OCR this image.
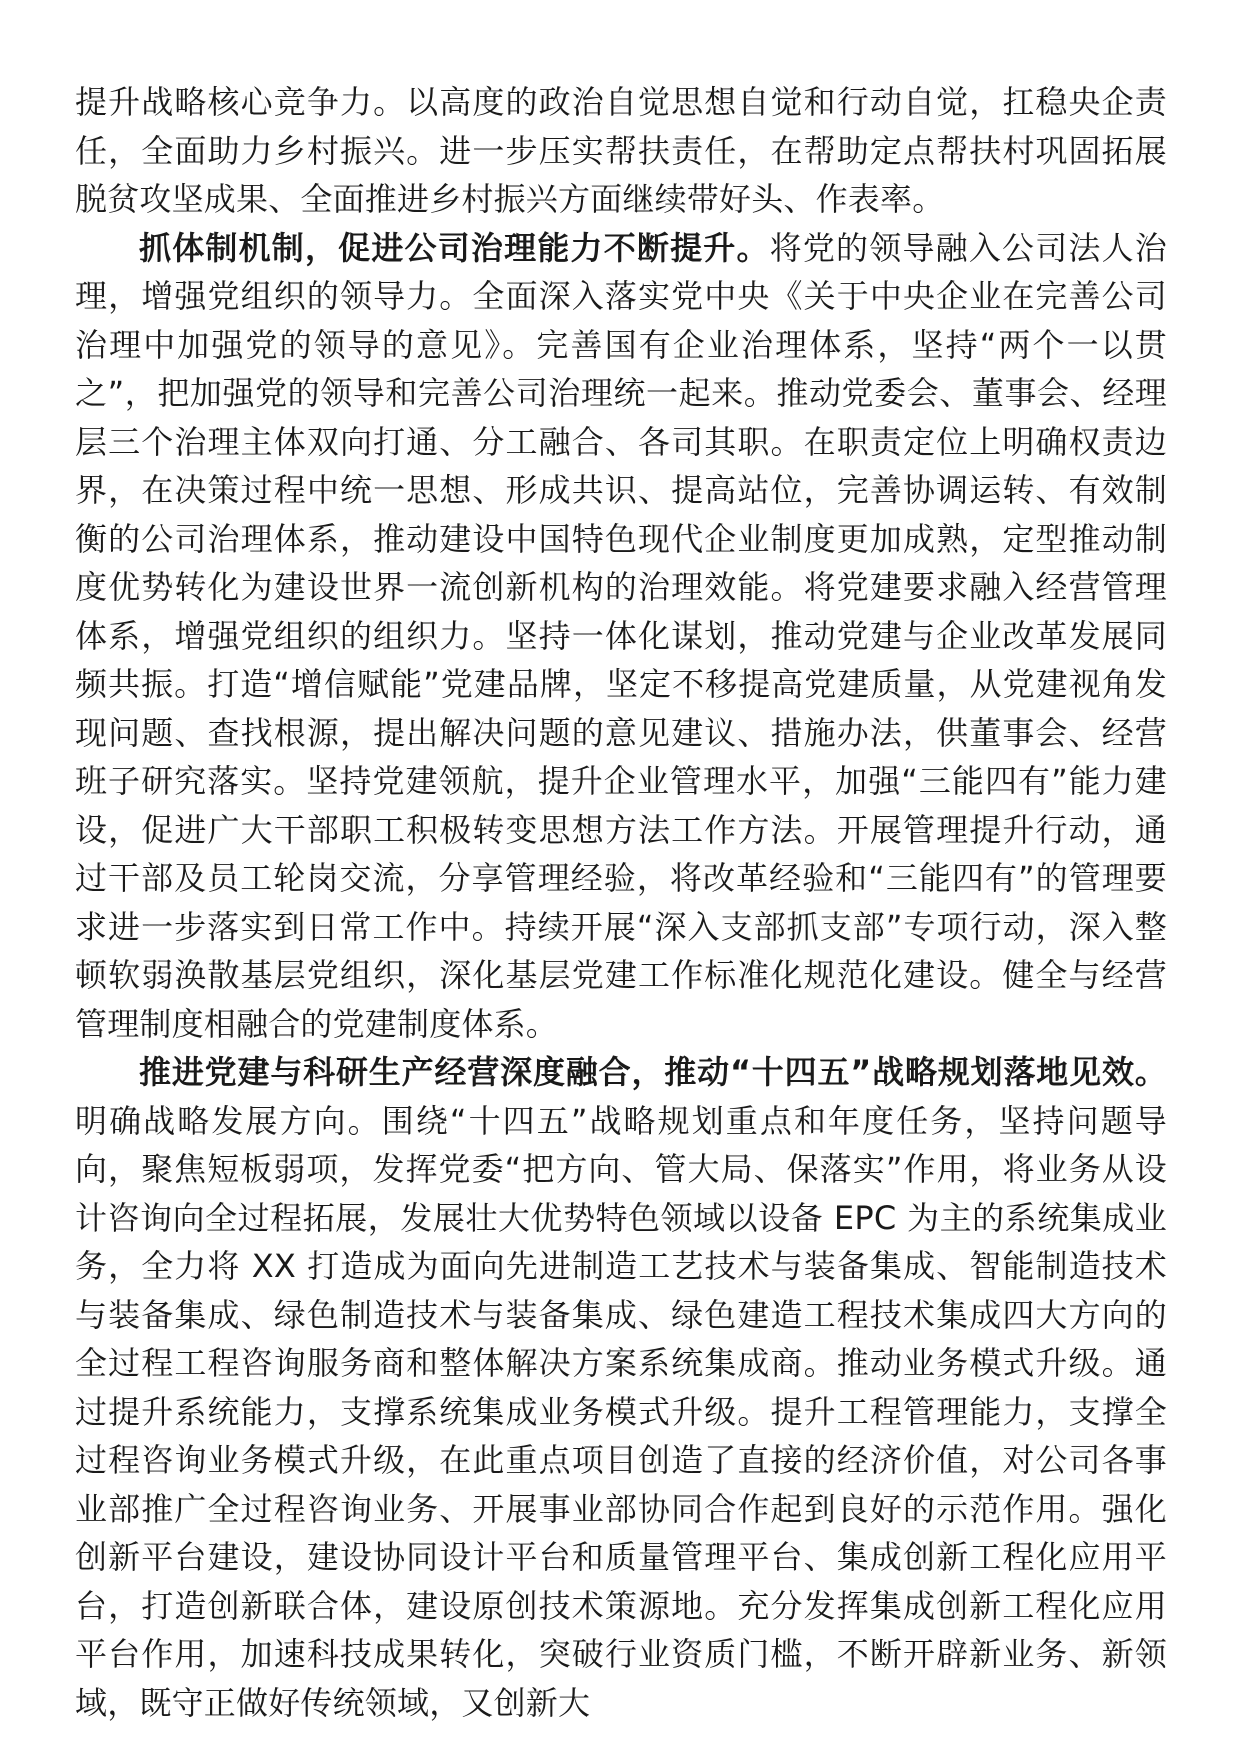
提升战略核心竞争力。以高度的政治自觉思想自觉和行动自觉，扛稳央企责任，全面助力乡村振兴。进一步压实帮扶责任，在帮助定点帮扶村巩固拓展脱贫攻坚成果、全面推进乡村振兴方面继续带好头、作表率。

抓体制机制，促进公司治理能力不断提升。将党的领导融入公司法人治理，增强党组织的领导力。全面深入落实党中央《关于中央企业在完善公司治理中加强党的领导的意见》。完善国有企业治理体系，坚持“两个一以贯之”，把加强党的领导和完善公司治理统一起来。推动党委会、董事会、经理层三个治理主体双向打通、分工融合、各司其职。在职责定位上明确权责边界，在决策过程中统一思想、形成共识、提高站位，完善协调运转、有效制衡的公司治理体系，推动建设中国特色现代企业制度更加成熟，定型推动制度优势转化为建设世界一流创新机构的治理效能。将党建要求融入经营管理体系，增强党组织的组织力。坚持一体化谋划，推动党建与企业改革发展同频共振。打造“增信赋能”党建品牌，坚定不移提高党建质量，从党建视角发现问题、查找根源，提出解决问题的意见建议、措施办法，供董事会、经营班子研究落实。坚持党建领航，提升企业管理水平，加强“三能四有”能力建设，促进广大干部职工积极转变思想方法工作方法。开展管理提升行动，通过干部及员工轮岗交流，分享管理经验，将改革经验和“三能四有”的管理要求进一步落实到日常工作中。持续开展“深入支部抓支部”专项行动，深入整顿软弱涣散基层党组织，深化基层党建工作标准化规范化建设。健全与经营管理制度相融合的党建制度体系。

推进党建与科研生产经营深度融合，推动“十四五”战略规划落地见效。明确战略发展方向。围绕“十四五”战略规划重点和年度任务，坚持问题导向，聚焦短板弱项，发挥党委“把方向、管大局、保落实”作用，将业务从设计咨询向全过程拓展，发展壮大优势特色领域以设备 EPC 为主的系统集成业务，全力将 XX 打造成为面向先进制造工艺技术与装备集成、智能制造技术与装备集成、绿色制造技术与装备集成、绿色建造工程技术集成四大方向的全过程工程咨询服务商和整体解决方案系统集成商。推动业务模式升级。通过提升系统能力，支撑系统集成业务模式升级。提升工程管理能力，支撑全过程咨询业务模式升级，在此重点项目创造了直接的经济价值，对公司各事业部推广全过程咨询业务、开展事业部协同合作起到良好的示范作用。强化创新平台建设，建设协同设计平台和质量管理平台、集成创新工程化应用平台，打造创新联合体，建设原创技术策源地。充分发挥集成创新工程化应用平台作用，加速科技成果转化，突破行业资质门槛，不断开辟新业务、新领域，既守正做好传统领域，又创新大
